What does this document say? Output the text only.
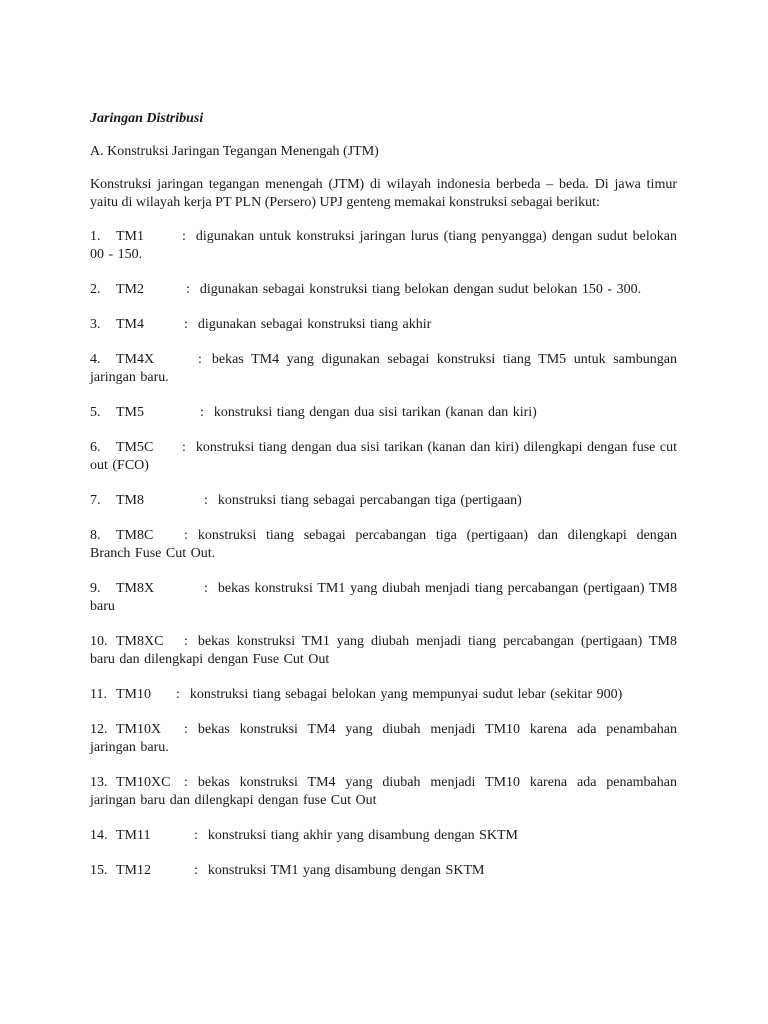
Jaringan Distribusi

A. Konstruksi Jaringan Tegangan Menengah (JTM)

Konstruksi jaringan tegangan menengah (JTM) di wilayah indonesia berbeda – beda. Di jawa timur yaitu di wilayah kerja PT PLN (Persero) UPJ genteng memakai konstruksi sebagai berikut:

1. TM1	: digunakan untuk konstruksi jaringan lurus (tiang penyangga) dengan sudut belokan 00 - 150.

2. TM2	: digunakan sebagai konstruksi tiang belokan dengan sudut belokan 150 - 300.

3. TM4	: digunakan sebagai konstruksi tiang akhir

4. TM4X	: bekas TM4 yang digunakan sebagai konstruksi tiang TM5 untuk sambungan jaringan baru.

5. TM5	: konstruksi tiang dengan dua sisi tarikan (kanan dan kiri)

6. TM5C : konstruksi tiang dengan dua sisi tarikan (kanan dan kiri) dilengkapi dengan fuse cut out (FCO)

7. TM8	: konstruksi tiang sebagai percabangan tiga (pertigaan)

8. TM8C : konstruksi tiang sebagai percabangan tiga (pertigaan) dan dilengkapi dengan Branch Fuse Cut Out.

9. TM8X	: bekas konstruksi TM1 yang diubah menjadi tiang percabangan (pertigaan) TM8 baru

10. TM8XC : bekas konstruksi TM1 yang diubah menjadi tiang percabangan (pertigaan) TM8 baru dan dilengkapi dengan Fuse Cut Out

11. TM10 : konstruksi tiang sebagai belokan yang mempunyai sudut lebar (sekitar 900)

12. TM10X : bekas konstruksi TM4 yang diubah menjadi TM10 karena ada penambahan jaringan baru.

13. TM10XC : bekas konstruksi TM4 yang diubah menjadi TM10 karena ada penambahan jaringan baru dan dilengkapi dengan fuse Cut Out

14. TM11	: konstruksi tiang akhir yang disambung dengan SKTM

15. TM12	: konstruksi TM1 yang disambung dengan SKTM
